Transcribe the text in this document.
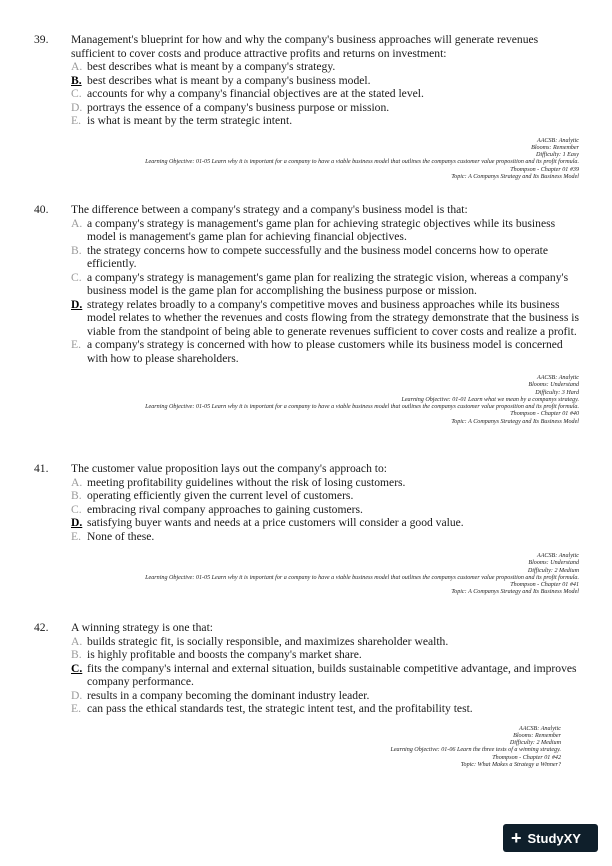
39.	Management's blueprint for how and why the company's business approaches will generate revenues sufficient to cover costs and produce attractive profits and returns on investment:
A. best describes what is meant by a company's strategy.
B. best describes what is meant by a company's business model.
C. accounts for why a company's financial objectives are at the stated level.
D. portrays the essence of a company's business purpose or mission.
E. is what is meant by the term strategic intent.
AACSB: Analytic
Blooms: Remember
Difficulty: 1 Easy
Learning Objective: 01-05 Learn why it is important for a company to have a viable business model that outlines the companys customer value proposition and its profit formula.
Thompson - Chapter 01 #39
Topic: A Companys Strategy and Its Business Model
40.	The difference between a company's strategy and a company's business model is that:
A. a company's strategy is management's game plan for achieving strategic objectives while its business model is management's game plan for achieving financial objectives.
B. the strategy concerns how to compete successfully and the business model concerns how to operate efficiently.
C. a company's strategy is management's game plan for realizing the strategic vision, whereas a company's business model is the game plan for accomplishing the business purpose or mission.
D. strategy relates broadly to a company's competitive moves and business approaches while its business model relates to whether the revenues and costs flowing from the strategy demonstrate that the business is viable from the standpoint of being able to generate revenues sufficient to cover costs and realize a profit.
E. a company's strategy is concerned with how to please customers while its business model is concerned with how to please shareholders.
AACSB: Analytic
Blooms: Understand
Difficulty: 3 Hard
Learning Objective: 01-01 Learn what we mean by a companys strategy.
Learning Objective: 01-05 Learn why it is important for a company to have a viable business model that outlines the companys customer value proposition and its profit formula.
Thompson - Chapter 01 #40
Topic: A Companys Strategy and Its Business Model
41.	The customer value proposition lays out the company's approach to:
A. meeting profitability guidelines without the risk of losing customers.
B. operating efficiently given the current level of customers.
C. embracing rival company approaches to gaining customers.
D. satisfying buyer wants and needs at a price customers will consider a good value.
E. None of these.
AACSB: Analytic
Blooms: Understand
Difficulty: 2 Medium
Learning Objective: 01-05 Learn why it is important for a company to have a viable business model that outlines the companys customer value proposition and its profit formula.
Thompson - Chapter 01 #41
Topic: A Companys Strategy and Its Business Model
42.	A winning strategy is one that:
A. builds strategic fit, is socially responsible, and maximizes shareholder wealth.
B. is highly profitable and boosts the company's market share.
C. fits the company's internal and external situation, builds sustainable competitive advantage, and improves company performance.
D. results in a company becoming the dominant industry leader.
E. can pass the ethical standards test, the strategic intent test, and the profitability test.
AACSB: Analytic
Blooms: Remember
Difficulty: 2 Medium
Learning Objective: 01-06 Learn the three tests of a winning strategy.
Thompson - Chapter 01 #42
Topic: What Makes a Strategy a Winner?
+ StudyXY
